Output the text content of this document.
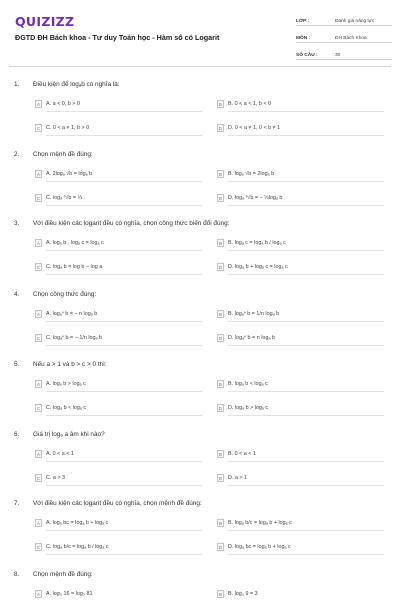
QUIZIZZ
ĐGTD ĐH Bách khoa - Tư duy Toán học - Hàm số có Logarit
LỚP :	Đánh giá năng lực
MÔN :	ĐH Bách Khoa
SỐ CÂU :	30
1. Điều kiện để logₐb có nghĩa là:
A	A. a < 0, b > 0	B	B. 0 < a < 1, b < 0
C	C. 0 < a ≠ 1, b > 0	D	D. 0 < a ≠ 1, 0 < b ≠ 1
2. Chọn mệnh đề đúng:
A	A. 2logₐ √b = logₐ b	B	B. logₐ √b = 2logₐ b
C	C. logₐ ³√b = ⅓	D	D. logₐ ³√b = − ⅓logₐ b
3. Với điều kiện các logarit đều có nghĩa, chọn công thức biến đổi đúng:
A	A. logₐ b . logₐ c = logₐ c	B	B. logₐ c = logₐ b / logₐ c
C	C. logₐ b = log b − log a	D	D. logₐ b + logₐ c = logₐ c
4. Chọn công thức đúng:
A	A. logₐⁿ b = − n logₐ b	B	B. logₐⁿ b = 1/n logₐ b
C	C. logₐⁿ b = − 1/n logₐ b	D	D. logₐⁿ b = n logₐ b
5. Nếu a > 1 và b > c > 0 thì:
A	A. logₐ b > logₐ c	B	B. logₐ b < logₐ c
C	C. logₐ b < logₐ c	D	D. logₐ b > logₐ c
6. Giá trị logₐ a âm khi nào?
A	A. 0 < a < 1	B	B. 0 < a < 1
C	C. a > 3	D	D. a > 1
7. Với điều kiện các logarit đều có nghĩa, chọn mệnh đề đúng:
A	A. logₐ bc = logₐ b + logₐ c	B	B. logₐ b/c = logₐ b + logₐ c
C	C. logₐ b/c = logₐ b / logₐ c	D	D. logₐ bc = logₐ b + logₐ c
8. Chọn mệnh đề đúng:
A	A. log₃ 16 = log₃ 81	B	B. log₃ 9 = 3
